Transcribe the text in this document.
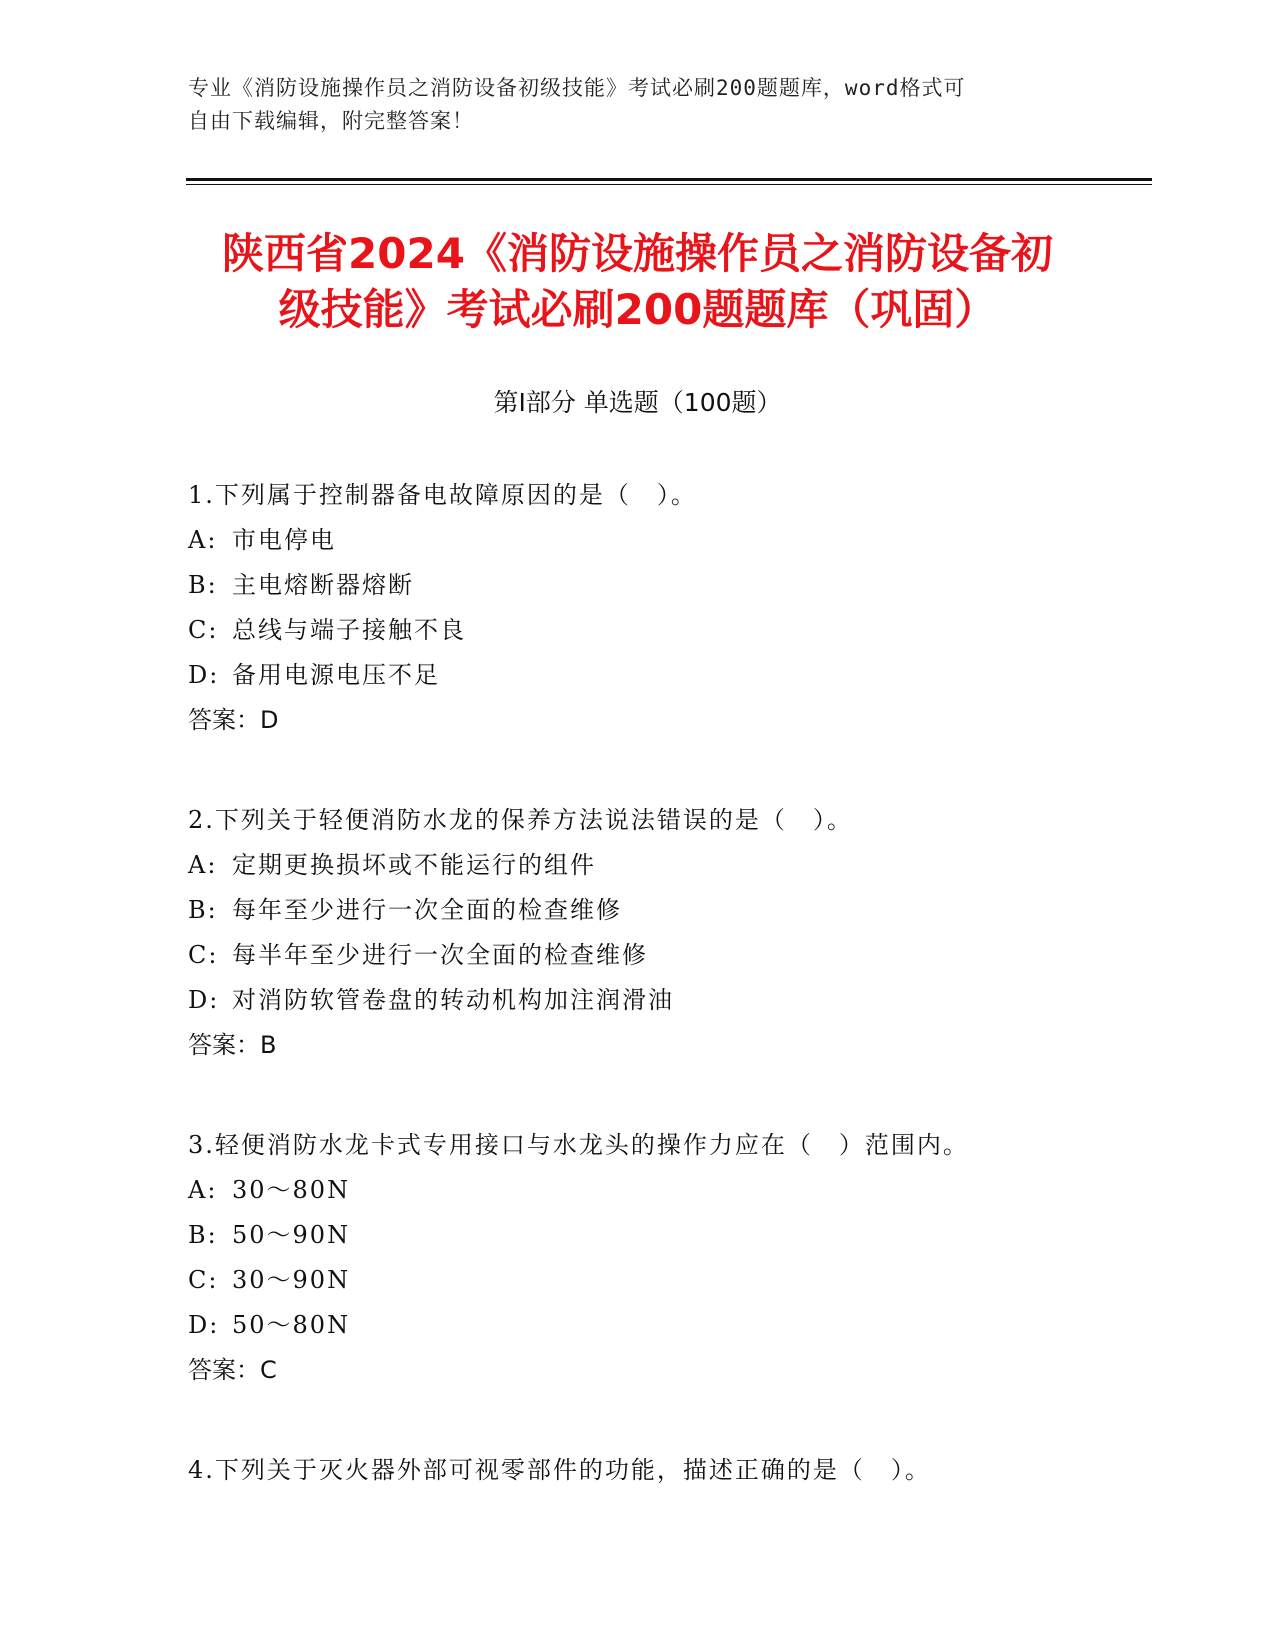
专业《消防设施操作员之消防设备初级技能》考试必刷200题题库，word格式可
自由下载编辑，附完整答案！
陕西省2024《消防设施操作员之消防设备初
级技能》考试必刷200题题库（巩固）
第Ⅰ部分 单选题（100题）
1.下列属于控制器备电故障原因的是（　）。
A: 市电停电
B: 主电熔断器熔断
C: 总线与端子接触不良
D: 备用电源电压不足
答案：D
2.下列关于轻便消防水龙的保养方法说法错误的是（　）。
A: 定期更换损坏或不能运行的组件
B: 每年至少进行一次全面的检查维修
C: 每半年至少进行一次全面的检查维修
D: 对消防软管卷盘的转动机构加注润滑油
答案：B
3.轻便消防水龙卡式专用接口与水龙头的操作力应在（　）范围内。
A: 30～80N
B: 50～90N
C: 30～90N
D: 50～80N
答案：C
4.下列关于灭火器外部可视零部件的功能，描述正确的是（　）。
